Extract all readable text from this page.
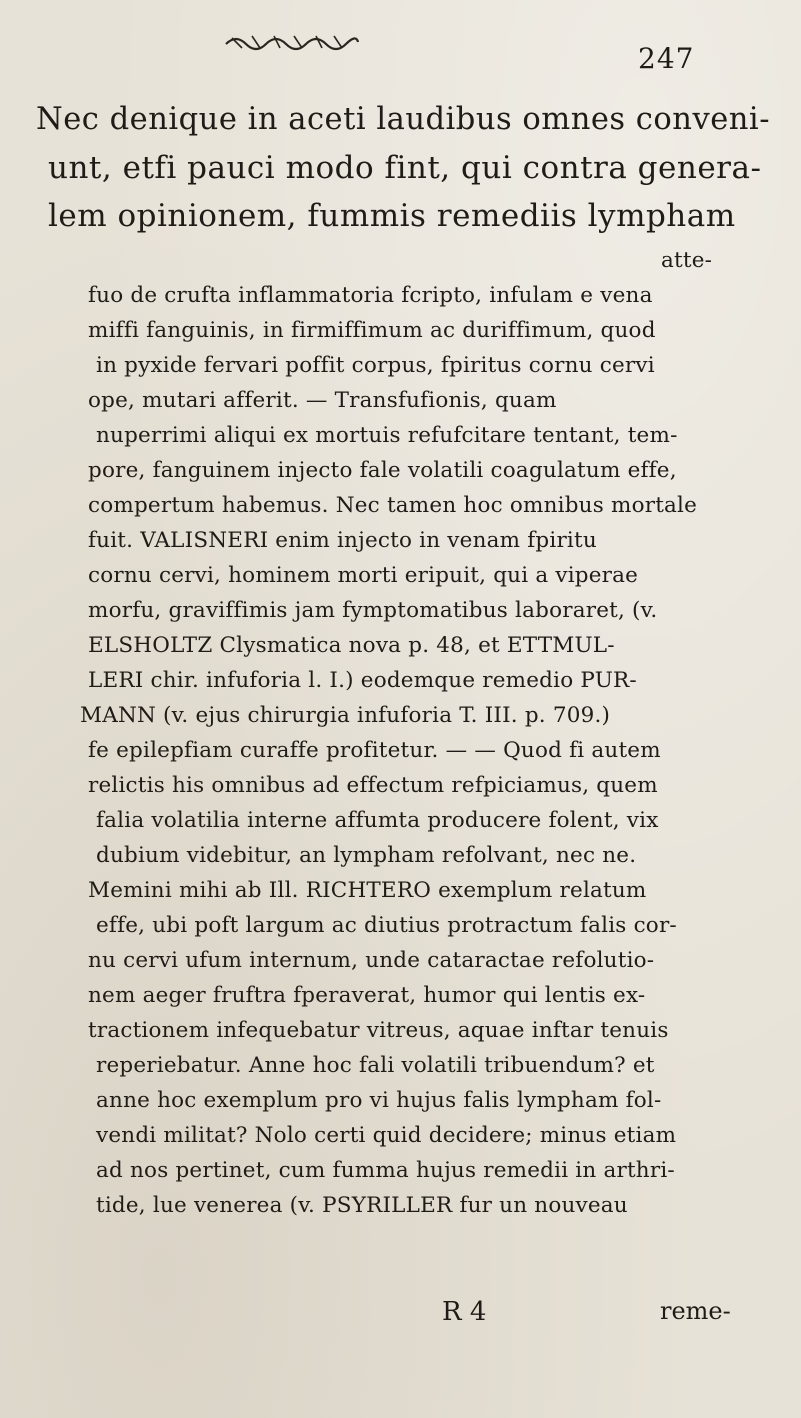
247
Nec denique in aceti laudibus omnes conveni-
unt, etfi pauci modo fint, qui contra genera-
lem opinionem, fummis remediis lympham
atte-
fuo de crufta inflammatoria fcripto, infulam e vena
miffi fanguinis, in firmiffimum ac duriffimum, quod
in pyxide fervari poffit corpus, fpiritus cornu cervi
ope, mutari afferit. — Transfufionis, quam
nuperrimi aliqui ex mortuis refufcitare tentant, tem-
pore, fanguinem injecto fale volatili coagulatum effe,
compertum habemus. Nec tamen hoc omnibus mortale
fuit. VALISNERI enim injecto in venam fpiritu
cornu cervi, hominem morti eripuit, qui a viperae
morfu, graviffimis jam fymptomatibus laboraret, (v.
ELSHOLTZ Clysmatica nova p. 48, et ETTMUL-
LERI chir. infuforia l. I.) eodemque remedio PUR-
MANN (v. ejus chirurgia infuforia T. III. p. 709.)
fe epilepfiam curaffe profitetur. — — Quod fi autem
relictis his omnibus ad effectum refpiciamus, quem
falia volatilia interne affumta producere folent, vix
dubium videbitur, an lympham refolvant, nec ne.
Memini mihi ab Ill. RICHTERO exemplum relatum
effe, ubi poft largum ac diutius protractum falis cor-
nu cervi ufum internum, unde cataractae refolutio-
nem aeger fruftra fperaverat, humor qui lentis ex-
tractionem infequebatur vitreus, aquae inftar tenuis
reperiebatur. Anne hoc fali volatili tribuendum? et
anne hoc exemplum pro vi hujus falis lympham fol-
vendi militat? Nolo certi quid decidere; minus etiam
ad nos pertinet, cum fumma hujus remedii in arthri-
tide, lue venerea (v. PSYRILLER fur un nouveau
R 4	reme-
